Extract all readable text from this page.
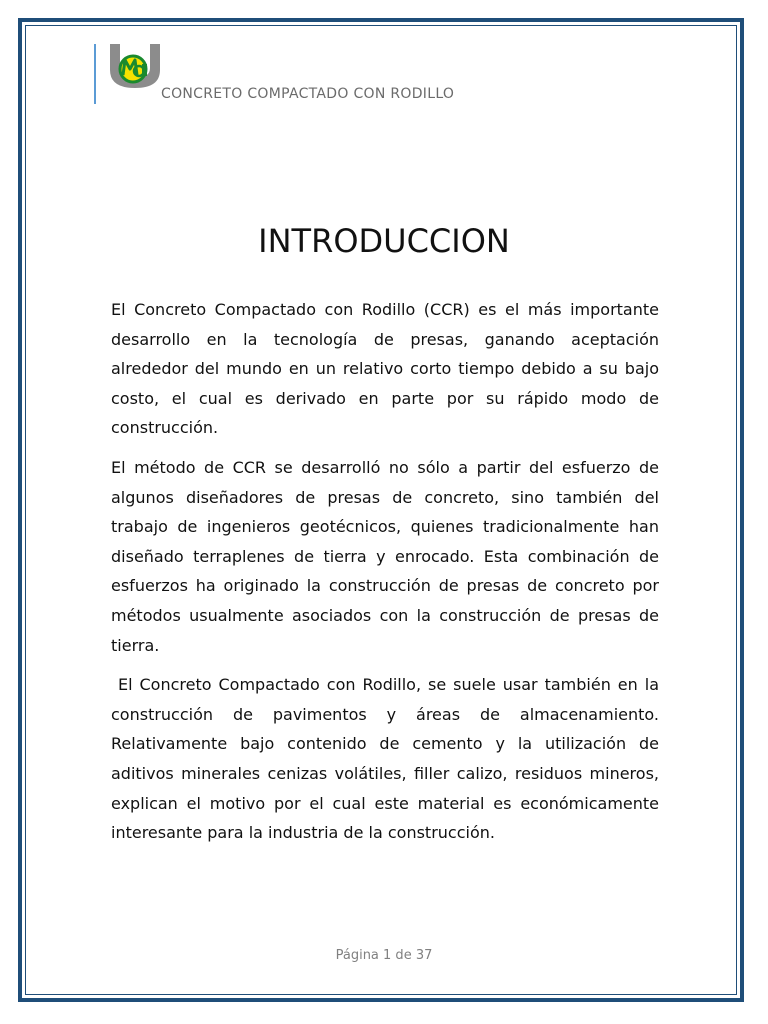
CONCRETO COMPACTADO CON RODILLO
INTRODUCCION

El Concreto Compactado con Rodillo (CCR) es el más importante desarrollo en la tecnología de presas, ganando aceptación alrededor del mundo en un relativo corto tiempo debido a su bajo costo, el cual es derivado en parte por su rápido modo de construcción.

El método de CCR se desarrolló no sólo a partir del esfuerzo de algunos diseñadores de presas de concreto, sino también del trabajo de ingenieros geotécnicos, quienes tradicionalmente han diseñado terraplenes de tierra y enrocado. Esta combinación de esfuerzos ha originado la construcción de presas de concreto por métodos usualmente asociados con la construcción de presas de tierra.

El Concreto Compactado con Rodillo, se suele usar también en la construcción de pavimentos y áreas de almacenamiento. Relativamente bajo contenido de cemento y la utilización de aditivos minerales cenizas volátiles, filler calizo, residuos mineros, explican el motivo por el cual este material es económicamente interesante para la industria de la construcción.

Página 1 de 37
